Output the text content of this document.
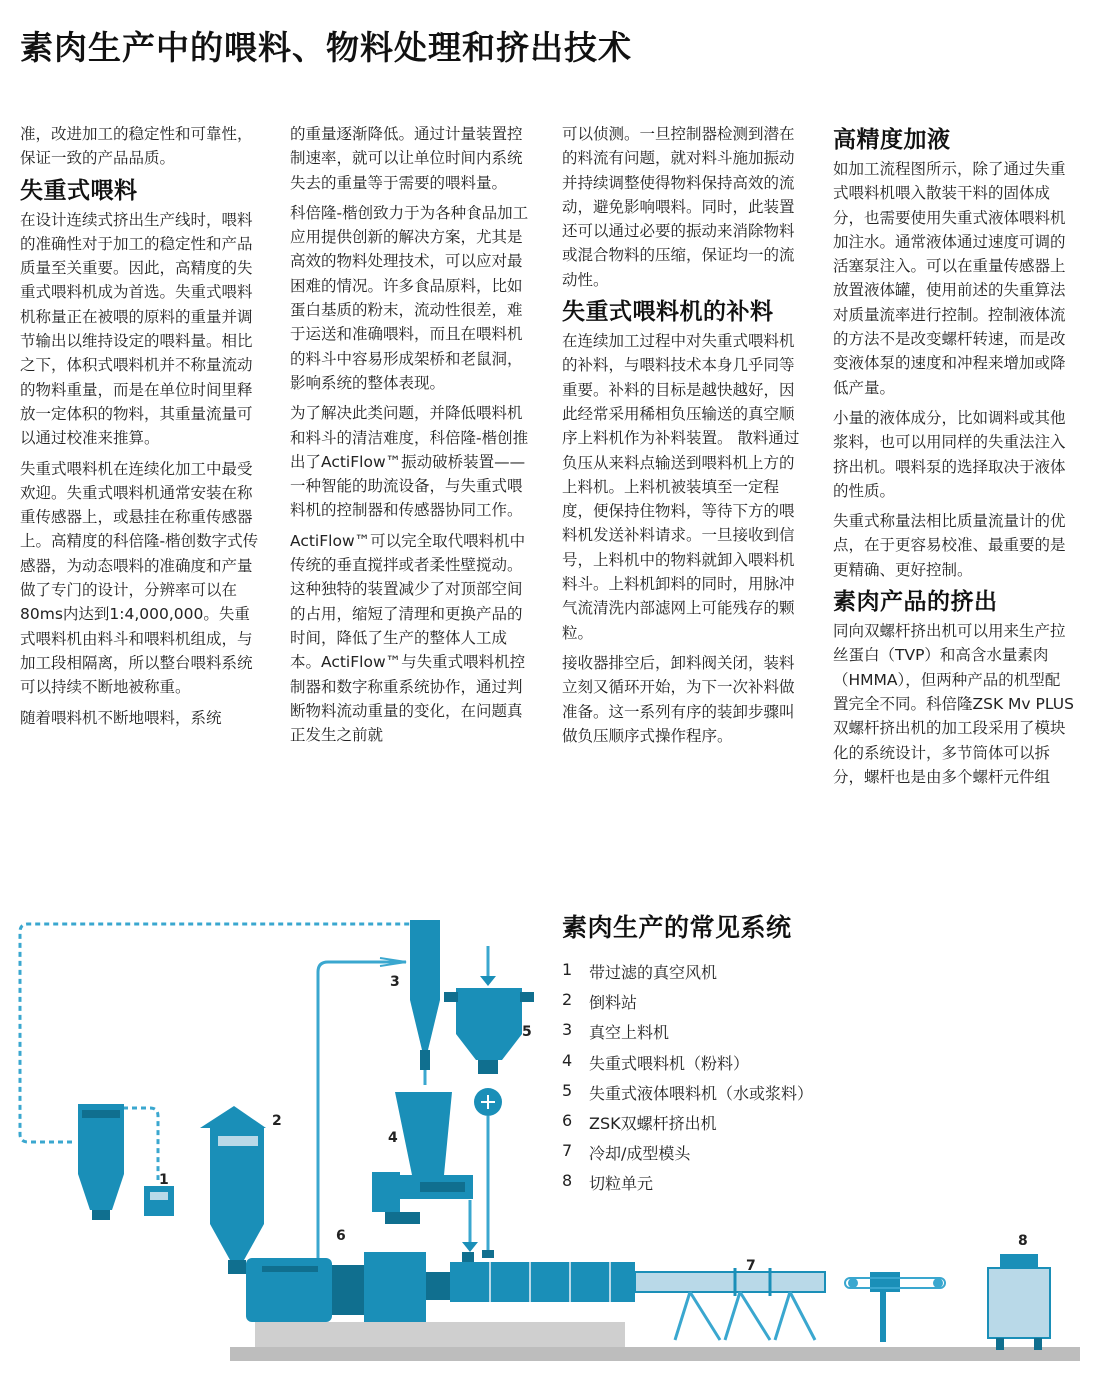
素肉生产中的喂料、物料处理和挤出技术

准，改进加工的稳定性和可靠性，保证一致的产品品质。

失重式喂料

在设计连续式挤出生产线时，喂料的准确性对于加工的稳定性和产品质量至关重要。因此，高精度的失重式喂料机成为首选。失重式喂料机称量正在被喂的原料的重量并调节输出以维持设定的喂料量。相比之下，体积式喂料机并不称量流动的物料重量，而是在单位时间里释放一定体积的物料，其重量流量可以通过校准来推算。

失重式喂料机在连续化加工中最受欢迎。失重式喂料机通常安装在称重传感器上，或悬挂在称重传感器上。高精度的科倍隆-楷创数字式传感器，为动态喂料的准确度和产量做了专门的设计，分辨率可以在80ms内达到1:4,000,000。失重式喂料机由料斗和喂料机组成，与加工段相隔离，所以整台喂料系统可以持续不断地被称重。

随着喂料机不断地喂料，系统

的重量逐渐降低。通过计量装置控制速率，就可以让单位时间内系统失去的重量等于需要的喂料量。

科倍隆-楷创致力于为各种食品加工应用提供创新的解决方案，尤其是高效的物料处理技术，可以应对最困难的情况。许多食品原料，比如蛋白基质的粉末，流动性很差，难于运送和准确喂料，而且在喂料机的料斗中容易形成架桥和老鼠洞，影响系统的整体表现。

为了解决此类问题，并降低喂料机和料斗的清洁难度，科倍隆-楷创推出了ActiFlow™振动破桥装置——一种智能的助流设备，与失重式喂料机的控制器和传感器协同工作。

ActiFlow™可以完全取代喂料机中传统的垂直搅拌或者柔性壁搅动。这种独特的装置减少了对顶部空间的占用，缩短了清理和更换产品的时间，降低了生产的整体人工成本。ActiFlow™与失重式喂料机控制器和数字称重系统协作，通过判断物料流动重量的变化，在问题真正发生之前就

可以侦测。一旦控制器检测到潜在的料流有问题，就对料斗施加振动并持续调整使得物料保持高效的流动，避免影响喂料。同时，此装置还可以通过必要的振动来消除物料或混合物料的压缩，保证均一的流动性。

失重式喂料机的补料

在连续加工过程中对失重式喂料机的补料，与喂料技术本身几乎同等重要。补料的目标是越快越好，因此经常采用稀相负压输送的真空顺序上料机作为补料装置。 散料通过负压从来料点输送到喂料机上方的上料机。上料机被装填至一定程度，便保持住物料，等待下方的喂料机发送补料请求。一旦接收到信号，上料机中的物料就卸入喂料机料斗。上料机卸料的同时，用脉冲气流清洗内部滤网上可能残存的颗粒。

接收器排空后，卸料阀关闭，装料立刻又循环开始，为下一次补料做准备。这一系列有序的装卸步骤叫做负压顺序式操作程序。

高精度加液

如加工流程图所示，除了通过失重式喂料机喂入散装干料的固体成分，也需要使用失重式液体喂料机加注水。通常液体通过速度可调的活塞泵注入。可以在重量传感器上放置液体罐，使用前述的失重算法对质量流率进行控制。控制液体流的方法不是改变螺杆转速，而是改变液体泵的速度和冲程来增加或降低产量。

小量的液体成分，比如调料或其他浆料，也可以用同样的失重法注入挤出机。喂料泵的选择取决于液体的性质。

失重式称量法相比质量流量计的优点，在于更容易校准、最重要的是更精确、更好控制。

素肉产品的挤出

同向双螺杆挤出机可以用来生产拉丝蛋白（TVP）和高含水量素肉（HMMA），但两种产品的机型配置完全不同。科倍隆ZSK Mv PLUS双螺杆挤出机的加工段采用了模块化的系统设计，多节筒体可以拆分，螺杆也是由多个螺杆元件组

素肉生产的常见系统
1	带过滤的真空风机
2	倒料站
3	真空上料机
4	失重式喂料机（粉料）
5	失重式液体喂料机（水或浆料）
6	ZSK双螺杆挤出机
7	冷却/成型模头
8	切粒单元
1
2
3
4
5
6
7
8
